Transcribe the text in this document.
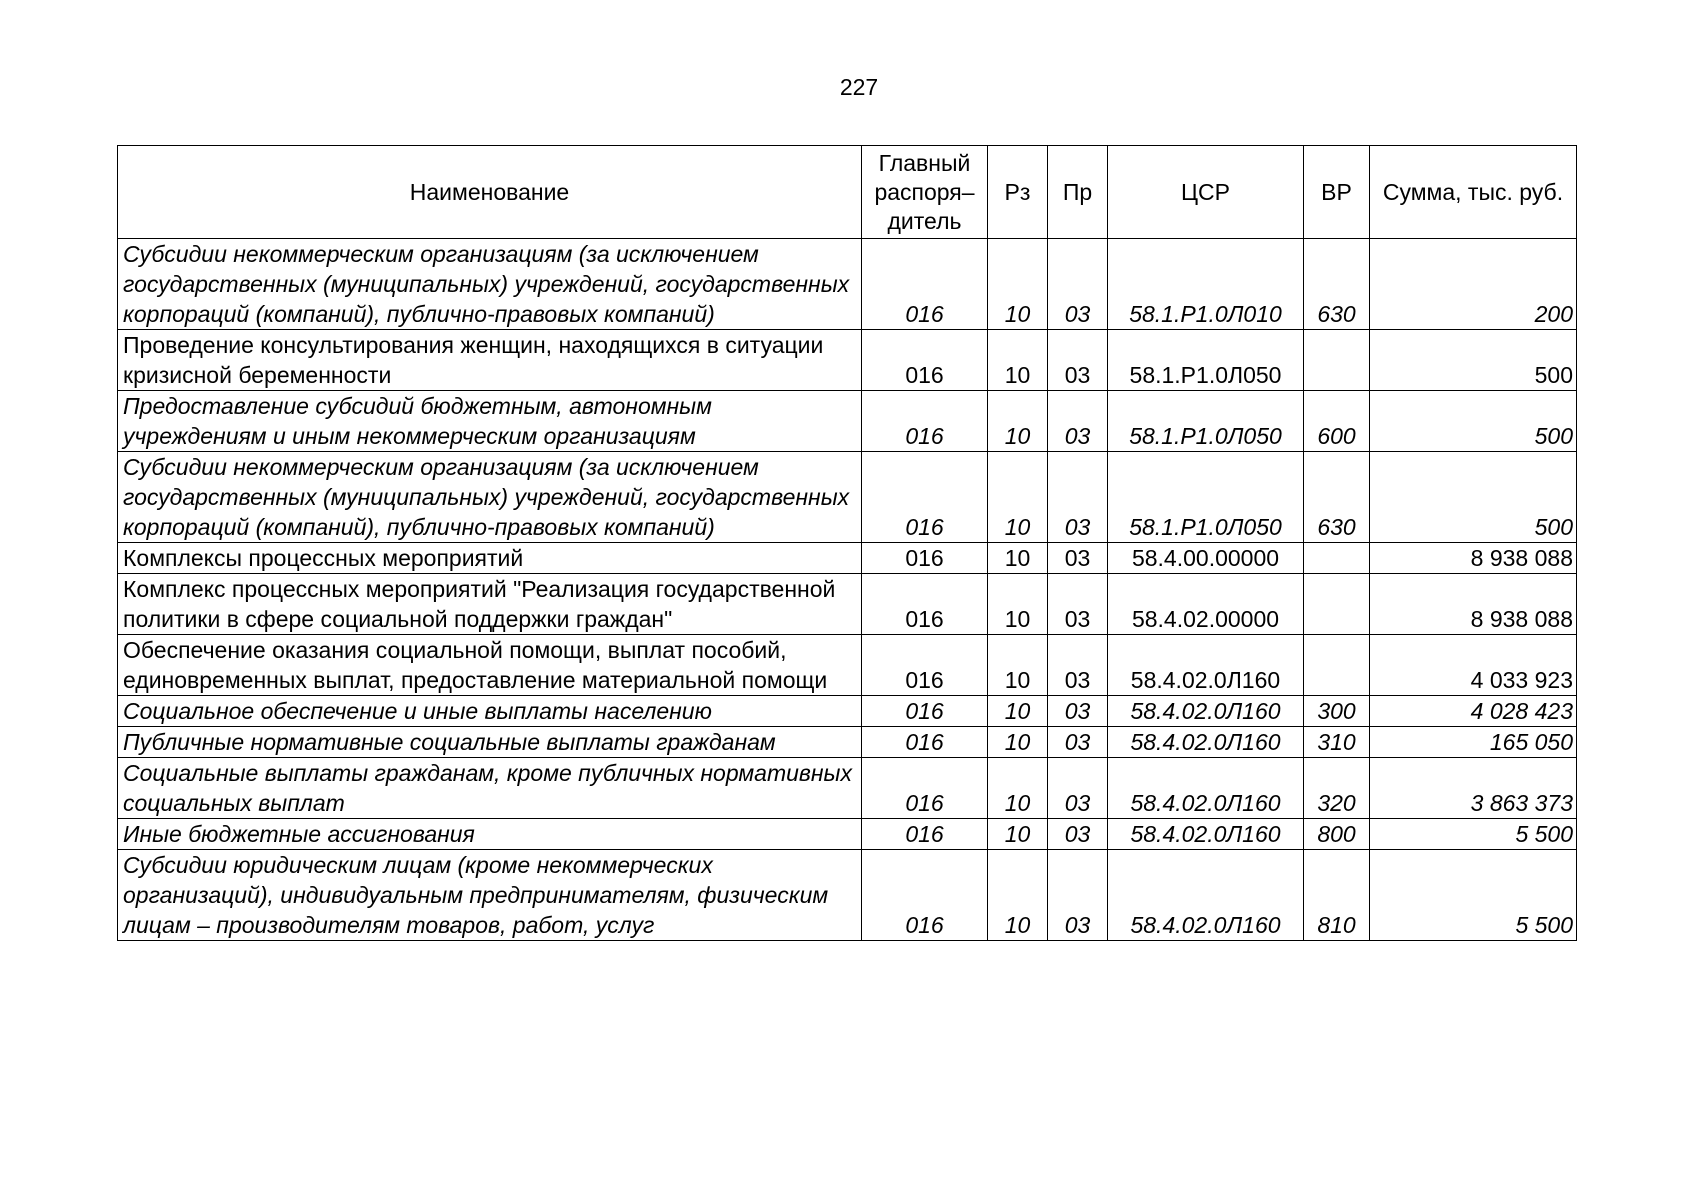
227
Наименование	Главный распоря–дитель	Рз	Пр	ЦСР	ВР	Сумма, тыс. руб.
Субсидии некоммерческим организациям (за исключением государственных (муниципальных) учреждений, государственных корпораций (компаний), публично-правовых компаний)	016	10	03	58.1.Р1.0Л010	630	200
Проведение консультирования женщин, находящихся в ситуации кризисной беременности	016	10	03	58.1.Р1.0Л050		500
Предоставление субсидий бюджетным, автономным учреждениям и иным некоммерческим организациям	016	10	03	58.1.Р1.0Л050	600	500
Субсидии некоммерческим организациям (за исключением государственных (муниципальных) учреждений, государственных корпораций (компаний), публично-правовых компаний)	016	10	03	58.1.Р1.0Л050	630	500
Комплексы процессных мероприятий	016	10	03	58.4.00.00000		8 938 088
Комплекс процессных мероприятий "Реализация государственной политики в сфере социальной поддержки граждан"	016	10	03	58.4.02.00000		8 938 088
Обеспечение оказания социальной помощи, выплат пособий, единовременных выплат, предоставление материальной помощи	016	10	03	58.4.02.0Л160		4 033 923
Социальное обеспечение и иные выплаты населению	016	10	03	58.4.02.0Л160	300	4 028 423
Публичные нормативные социальные выплаты гражданам	016	10	03	58.4.02.0Л160	310	165 050
Социальные выплаты гражданам, кроме публичных нормативных социальных выплат	016	10	03	58.4.02.0Л160	320	3 863 373
Иные бюджетные ассигнования	016	10	03	58.4.02.0Л160	800	5 500
Субсидии юридическим лицам (кроме некоммерческих организаций), индивидуальным предпринимателям, физическим лицам – производителям товаров, работ, услуг	016	10	03	58.4.02.0Л160	810	5 500
